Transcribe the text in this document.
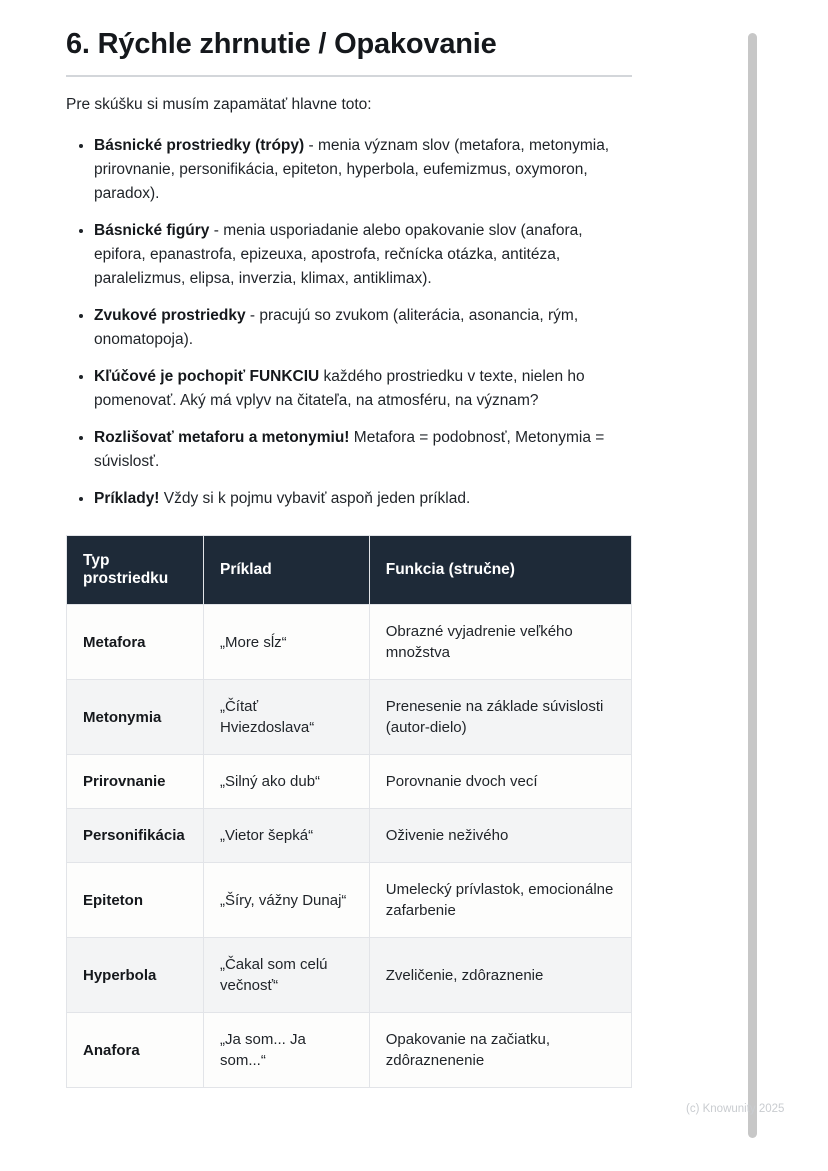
6. Rýchle zhrnutie / Opakovanie

Pre skúšku si musím zapamätať hlavne toto:

• Básnické prostriedky (trópy) - menia význam slov (metafora, metonymia, prirovnanie, personifikácia, epiteton, hyperbola, eufemizmus, oxymoron, paradox).
• Básnické figúry - menia usporiadanie alebo opakovanie slov (anafora, epifora, epanastrofa, epizeuxa, apostrofa, rečnícka otázka, antitéza, paralelizmus, elipsa, inverzia, klimax, antiklimax).
• Zvukové prostriedky - pracujú so zvukom (aliterácia, asonancia, rým, onomatopoja).
• Kľúčové je pochopiť FUNKCIU každého prostriedku v texte, nielen ho pomenovať. Aký má vplyv na čitateľa, na atmosféru, na význam?
• Rozlišovať metaforu a metonymiu! Metafora = podobnosť, Metonymia = súvislosť.
• Príklady! Vždy si k pojmu vybaviť aspoň jeden príklad.
Typ prostriedku	Príklad	Funkcia (stručne)
Metafora	„More sĺz“	Obrazné vyjadrenie veľkého množstva
Metonymia	„Čítať Hviezdoslava“	Prenesenie na základe súvislosti (autor-dielo)
Prirovnanie	„Silný ako dub“	Porovnanie dvoch vecí
Personifikácia	„Vietor šepká“	Oživenie neživého
Epiteton	„Šíry, vážny Dunaj“	Umelecký prívlastok, emocionálne zafarbenie
Hyperbola	„Čakal som celú večnosť“	Zveličenie, zdôraznenie
Anafora	„Ja som... Ja som...“	Opakovanie na začiatku, zdôraznenenie
(c) Knowunity 2025
